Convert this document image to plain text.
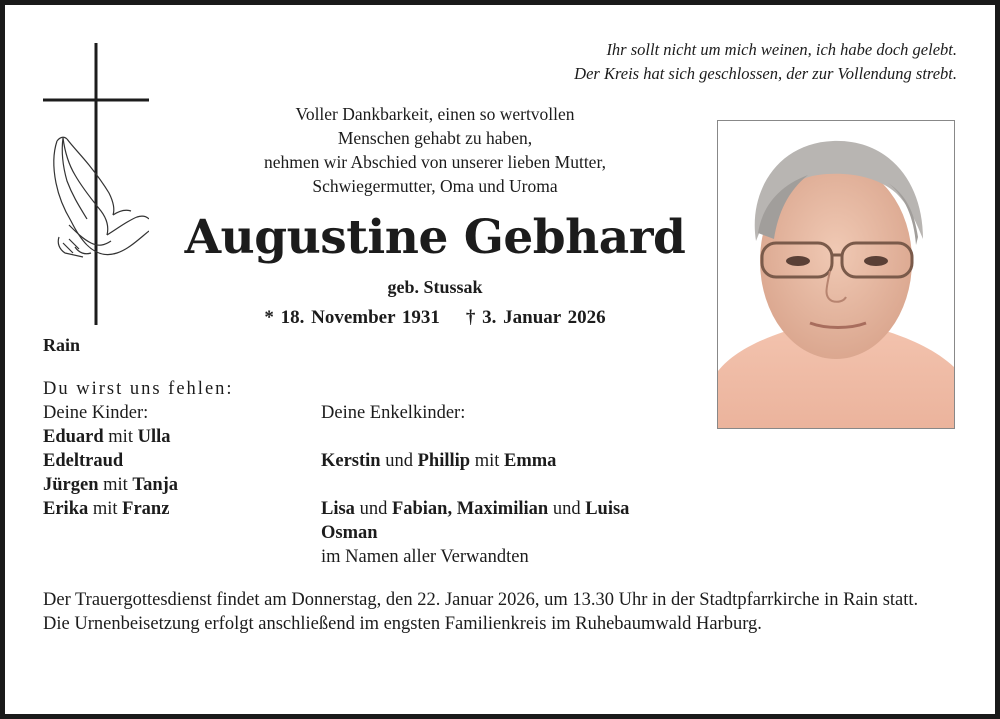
Ihr sollt nicht um mich weinen, ich habe doch gelebt.
Der Kreis hat sich geschlossen, der zur Vollendung strebt.
Voller Dankbarkeit, einen so wertvollen
Menschen gehabt zu haben,
nehmen wir Abschied von unserer lieben Mutter,
Schwiegermutter, Oma und Uroma
Augustine Gebhard
geb. Stussak
* 18. November 1931 † 3. Januar 2026
Rain
Du wirst uns fehlen:
Deine Kinder:
Eduard mit Ulla
Edeltraud
Jürgen mit Tanja
Erika mit Franz
Deine Enkelkinder:
Kerstin und Phillip mit Emma
Lisa und Fabian, Maximilian und Luisa
Osman
im Namen aller Verwandten

Der Trauergottesdienst findet am Donnerstag, den 22. Januar 2026, um 13.30 Uhr in der Stadtpfarrkirche in Rain statt.

Die Urnenbeisetzung erfolgt anschließend im engsten Familienkreis im Ruhebaumwald Harburg.
